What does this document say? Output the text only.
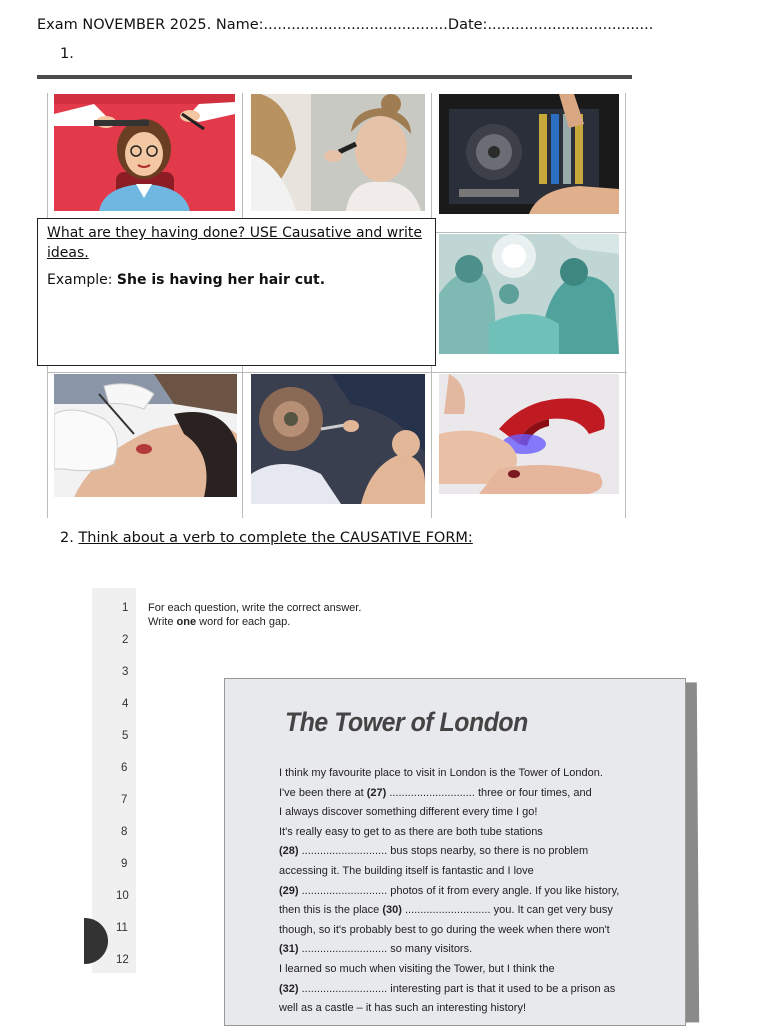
Exam NOVEMBER 2025. Name:........................................Date:....................................
1.
What are they having done? USE Causative and write ideas.
Example: She is having her hair cut.
2. Think about a verb to complete the CAUSATIVE FORM:
1
2
3
4
5
6
7
8
9
10
11
12
For each question, write the correct answer.
Write one word for each gap.
The Tower of London
I think my favourite place to visit in London is the Tower of London.
I've been there at (27) ............................ three or four times, and
I always discover something different every time I go!
It's really easy to get to as there are both tube stations
(28) ............................ bus stops nearby, so there is no problem
accessing it. The building itself is fantastic and I love
(29) ............................ photos of it from every angle. If you like history,
then this is the place (30) ............................ you. It can get very busy
though, so it's probably best to go during the week when there won't
(31) ............................ so many visitors.
I learned so much when visiting the Tower, but I think the
(32) ............................ interesting part is that it used to be a prison as
well as a castle – it has such an interesting history!
